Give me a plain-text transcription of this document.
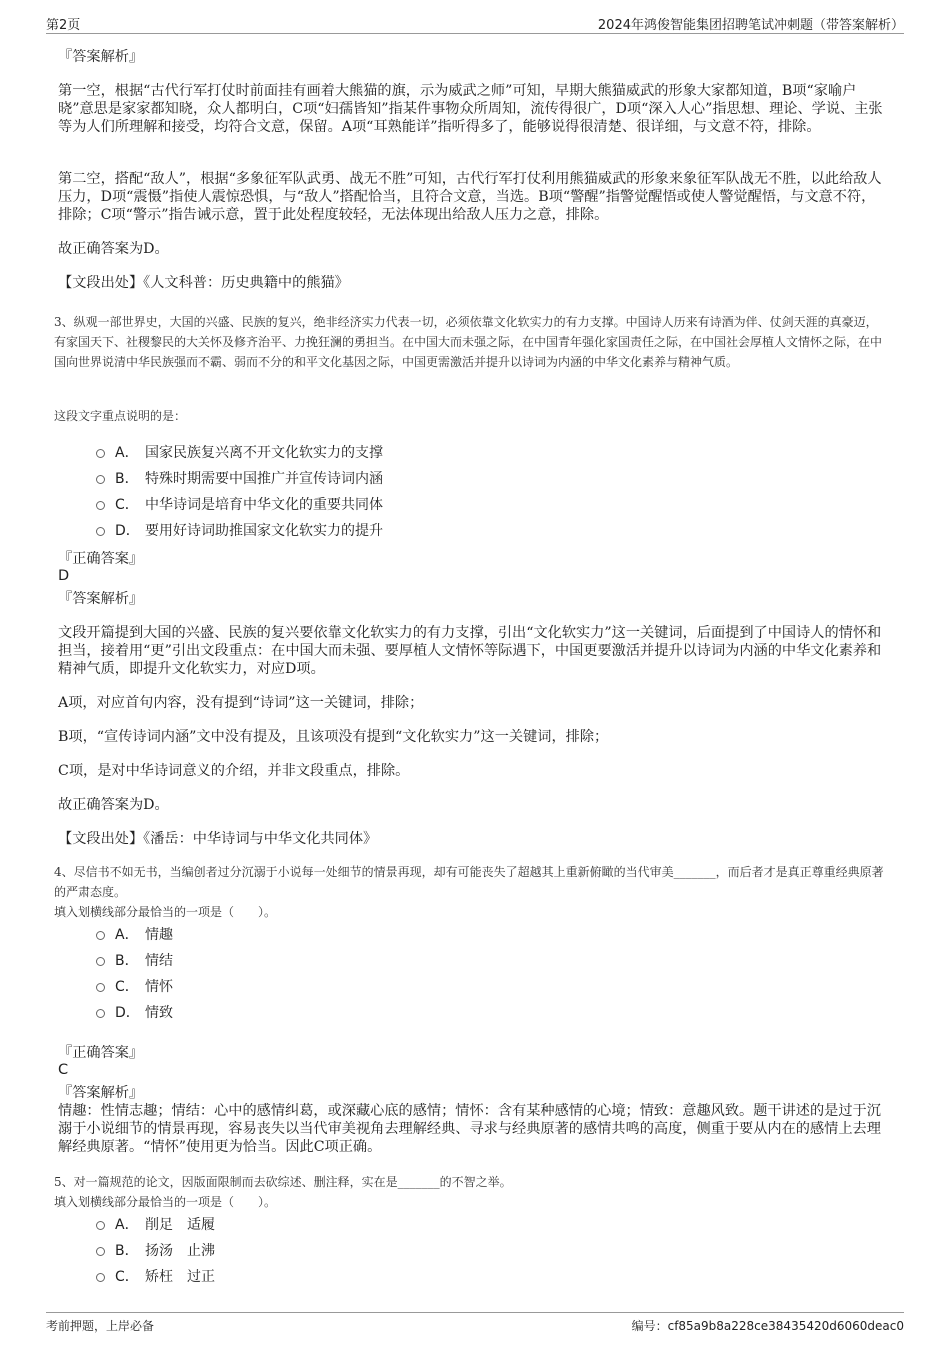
第2页	2024年鸿俊智能集团招聘笔试冲刺题（带答案解析）
『答案解析』
第一空，根据“古代行军打仗时前面挂有画着大熊猫的旗，示为威武之师”可知，早期大熊猫威武的形象大家都知道，B项“家喻户晓”意思是家家都知晓，众人都明白，C项“妇孺皆知”指某件事物众所周知，流传得很广，D项“深入人心”指思想、理论、学说、主张等为人们所理解和接受，均符合文意，保留。A项“耳熟能详”指听得多了，能够说得很清楚、很详细，与文意不符，排除。
第二空，搭配“敌人”，根据“多象征军队武勇、战无不胜”可知，古代行军打仗利用熊猫威武的形象来象征军队战无不胜，以此给敌人压力，D项“震慑”指使人震惊恐惧，与“敌人”搭配恰当，且符合文意，当选。B项“警醒”指警觉醒悟或使人警觉醒悟，与文意不符，排除；C项“警示”指告诫示意，置于此处程度较轻，无法体现出给敌人压力之意，排除。
故正确答案为D。
【文段出处】《人文科普：历史典籍中的熊猫》
3、纵观一部世界史，大国的兴盛、民族的复兴，绝非经济实力代表一切，必须依靠文化软实力的有力支撑。中国诗人历来有诗酒为伴、仗剑天涯的真豪迈，有家国天下、社稷黎民的大关怀及修齐治平、力挽狂澜的勇担当。在中国大而未强之际，在中国青年强化家国责任之际，在中国社会厚植人文情怀之际，在中国向世界说清中华民族强而不霸、弱而不分的和平文化基因之际，中国更需激活并提升以诗词为内涵的中华文化素养与精神气质。
这段文字重点说明的是：
A． 国家民族复兴离不开文化软实力的支撑
B． 特殊时期需要中国推广并宣传诗词内涵
C． 中华诗词是培育中华文化的重要共同体
D． 要用好诗词助推国家文化软实力的提升
『正确答案』
D
『答案解析』
文段开篇提到大国的兴盛、民族的复兴要依靠文化软实力的有力支撑，引出“文化软实力”这一关键词，后面提到了中国诗人的情怀和担当，接着用“更”引出文段重点：在中国大而未强、要厚植人文情怀等际遇下，中国更要激活并提升以诗词为内涵的中华文化素养和精神气质，即提升文化软实力，对应D项。
A项，对应首句内容，没有提到“诗词”这一关键词，排除；
B项，“宣传诗词内涵”文中没有提及，且该项没有提到“文化软实力”这一关键词，排除；
C项，是对中华诗词意义的介绍，并非文段重点，排除。
故正确答案为D。
【文段出处】《潘岳：中华诗词与中华文化共同体》
4、尽信书不如无书，当编创者过分沉溺于小说每一处细节的情景再现，却有可能丧失了超越其上重新俯瞰的当代审美_______，而后者才是真正尊重经典原著的严肃态度。
填入划横线部分最恰当的一项是（　　）。
A． 情趣
B． 情结
C． 情怀
D． 情致
『正确答案』
C
『答案解析』
情趣：性情志趣；情结：心中的感情纠葛，或深藏心底的感情；情怀：含有某种感情的心境；情致：意趣风致。题干讲述的是过于沉溺于小说细节的情景再现，容易丧失以当代审美视角去理解经典、寻求与经典原著的感情共鸣的高度，侧重于要从内在的感情上去理解经典原著。“情怀”使用更为恰当。因此C项正确。
5、对一篇规范的论文，因版面限制而去砍综述、删注释，实在是_______的不智之举。
填入划横线部分最恰当的一项是（　　）。
A． 削足　适履
B． 扬汤　止沸
C． 矫枉　过正
考前押题，上岸必备	编号：cf85a9b8a228ce38435420d6060deac0
